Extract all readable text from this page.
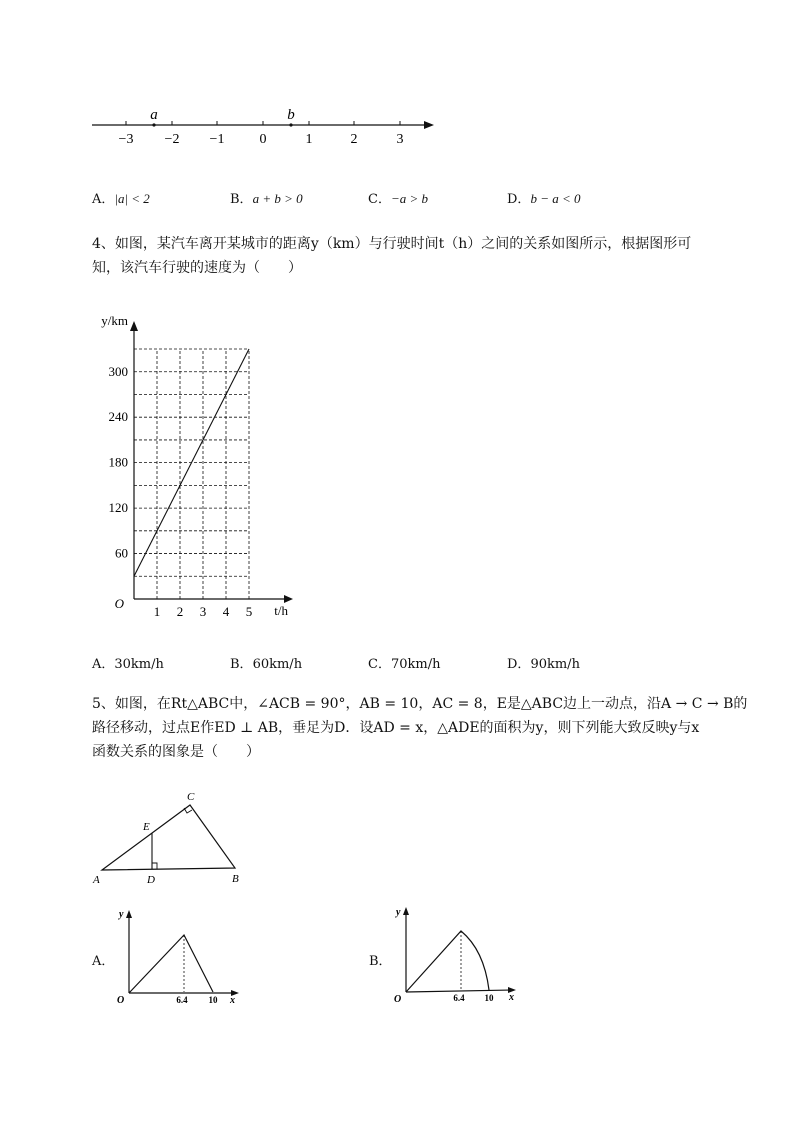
a	b
−3 −2 −1	0	1	2	3
A．|a| < 2	B．a + b > 0	C．−a > b	D．b − a < 0
4、如图，某汽车离开某城市的距离y（km）与行驶时间t（h）之间的关系如图所示，根据图形可
知，该汽车行驶的速度为（　　）
y/km
t/h
O
1 2 3 4 5
60
120
180
240
300
A．30km/h	B．60km/h	C．70km/h	D．90km/h
5、如图，在Rt△ABC中，∠ACB = 90°，AB = 10，AC = 8，E是△ABC边上一动点，沿A → C → B的
路径移动，过点E作ED ⊥ AB，垂足为D．设AD = x，△ADE的面积为y，则下列能大致反映y与x
函数关系的图象是（　　）
A	B
C
D
E
A．
y
x
O	6.4 10
B．
y
x
O	6.4 10
